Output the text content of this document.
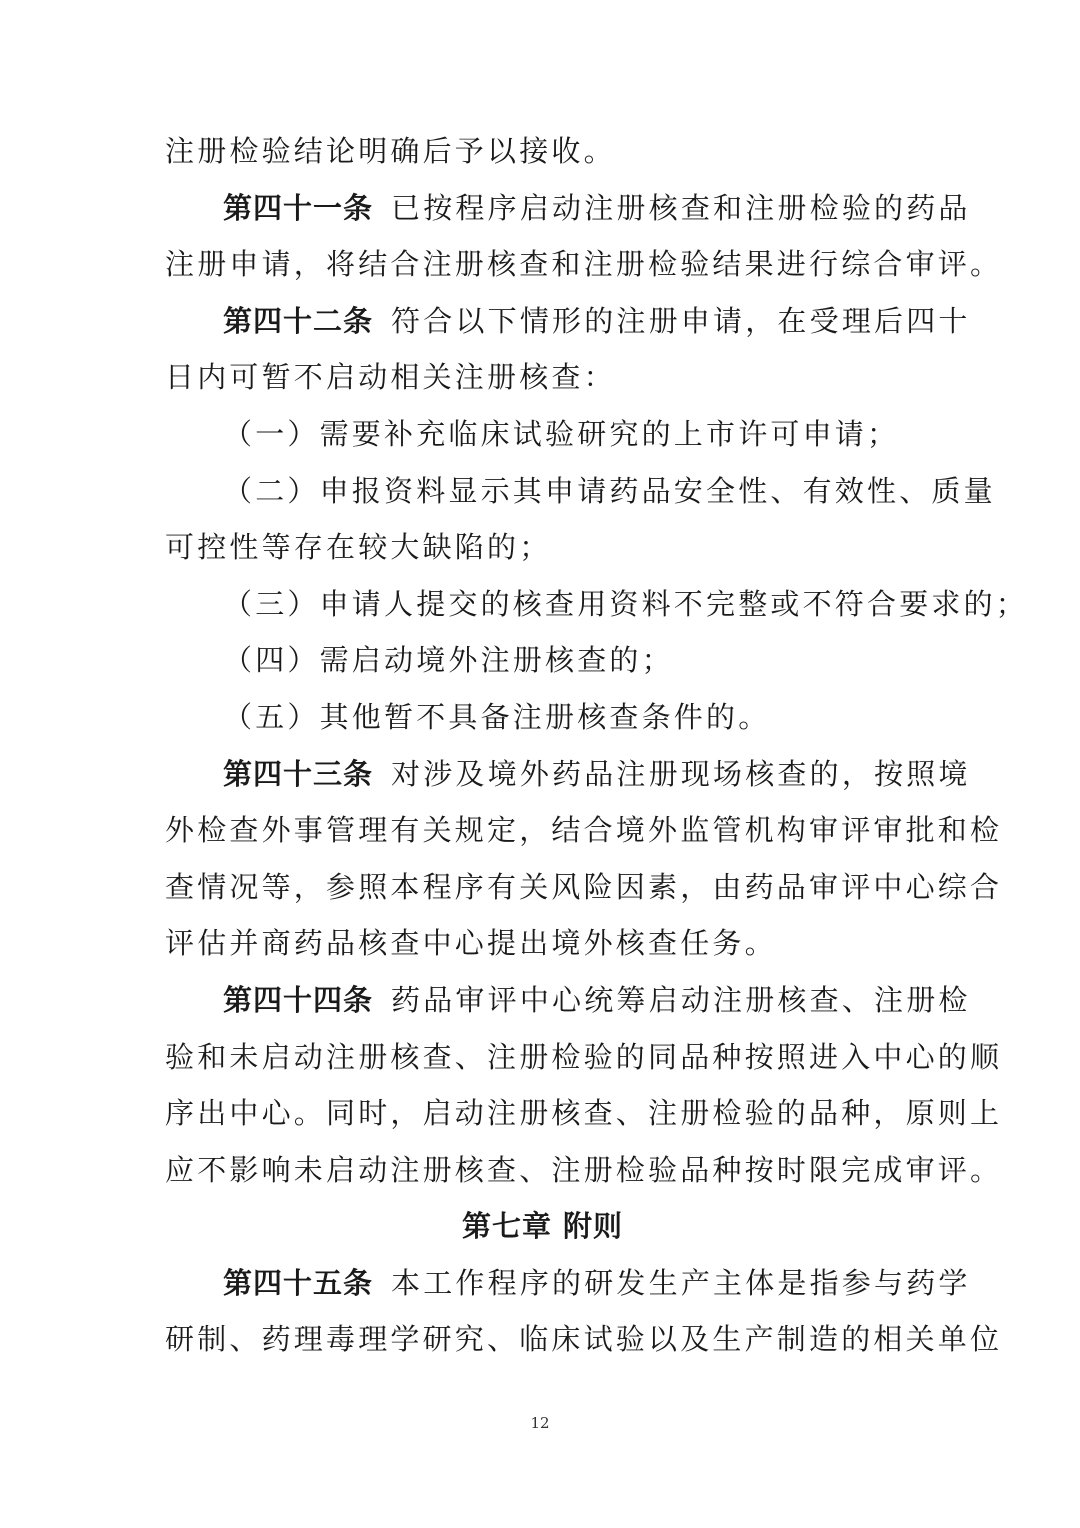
注册检验结论明确后予以接收。
第四十一条 已按程序启动注册核查和注册检验的药品
注册申请，将结合注册核查和注册检验结果进行综合审评。
第四十二条 符合以下情形的注册申请，在受理后四十
日内可暂不启动相关注册核查：
（一）需要补充临床试验研究的上市许可申请；
（二）申报资料显示其申请药品安全性、有效性、质量
可控性等存在较大缺陷的；
（三）申请人提交的核查用资料不完整或不符合要求的；
（四）需启动境外注册核查的；
（五）其他暂不具备注册核查条件的。
第四十三条 对涉及境外药品注册现场核查的，按照境
外检查外事管理有关规定，结合境外监管机构审评审批和检
查情况等，参照本程序有关风险因素，由药品审评中心综合
评估并商药品核查中心提出境外核查任务。
第四十四条 药品审评中心统筹启动注册核查、注册检
验和未启动注册核查、注册检验的同品种按照进入中心的顺
序出中心。同时，启动注册核查、注册检验的品种，原则上
应不影响未启动注册核查、注册检验品种按时限完成审评。
第七章 附则
第四十五条 本工作程序的研发生产主体是指参与药学
研制、药理毒理学研究、临床试验以及生产制造的相关单位
12
